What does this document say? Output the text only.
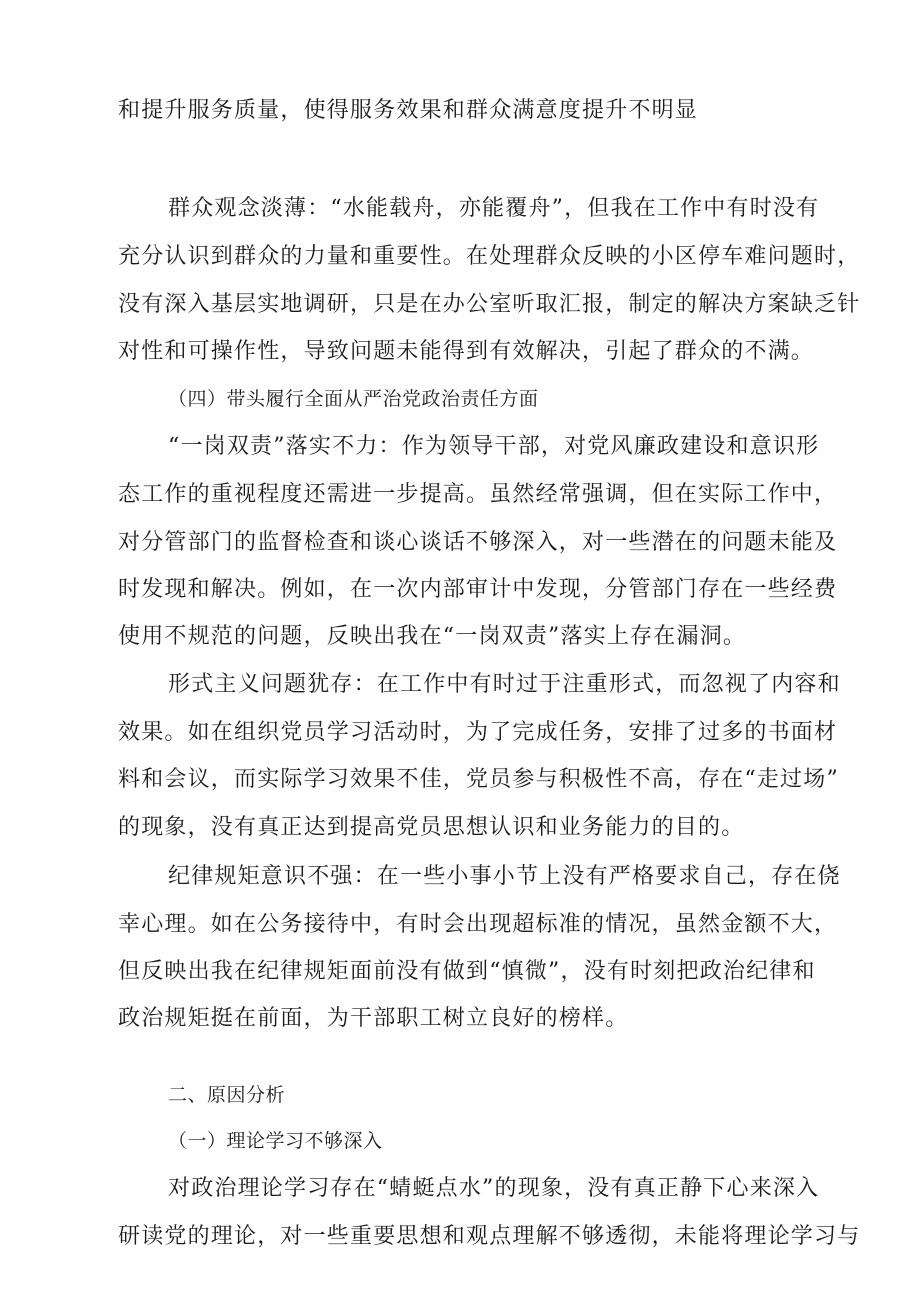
和提升服务质量，使得服务效果和群众满意度提升不明显
群众观念淡薄：“水能载舟，亦能覆舟”，但我在工作中有时没有
充分认识到群众的力量和重要性。在处理群众反映的小区停车难问题时，
没有深入基层实地调研，只是在办公室听取汇报，制定的解决方案缺乏针
对性和可操作性，导致问题未能得到有效解决，引起了群众的不满。
（四）带头履行全面从严治党政治责任方面
“一岗双责”落实不力：作为领导干部，对党风廉政建设和意识形
态工作的重视程度还需进一步提高。虽然经常强调，但在实际工作中，
对分管部门的监督检查和谈心谈话不够深入，对一些潜在的问题未能及
时发现和解决。例如，在一次内部审计中发现，分管部门存在一些经费
使用不规范的问题，反映出我在“一岗双责”落实上存在漏洞。
形式主义问题犹存：在工作中有时过于注重形式，而忽视了内容和
效果。如在组织党员学习活动时，为了完成任务，安排了过多的书面材
料和会议，而实际学习效果不佳，党员参与积极性不高，存在“走过场”
的现象，没有真正达到提高党员思想认识和业务能力的目的。
纪律规矩意识不强：在一些小事小节上没有严格要求自己，存在侥
幸心理。如在公务接待中，有时会出现超标准的情况，虽然金额不大，
但反映出我在纪律规矩面前没有做到“慎微”，没有时刻把政治纪律和
政治规矩挺在前面，为干部职工树立良好的榜样。
二、原因分析
（一）理论学习不够深入
对政治理论学习存在“蜻蜓点水”的现象，没有真正静下心来深入
研读党的理论，对一些重要思想和观点理解不够透彻，未能将理论学习与
